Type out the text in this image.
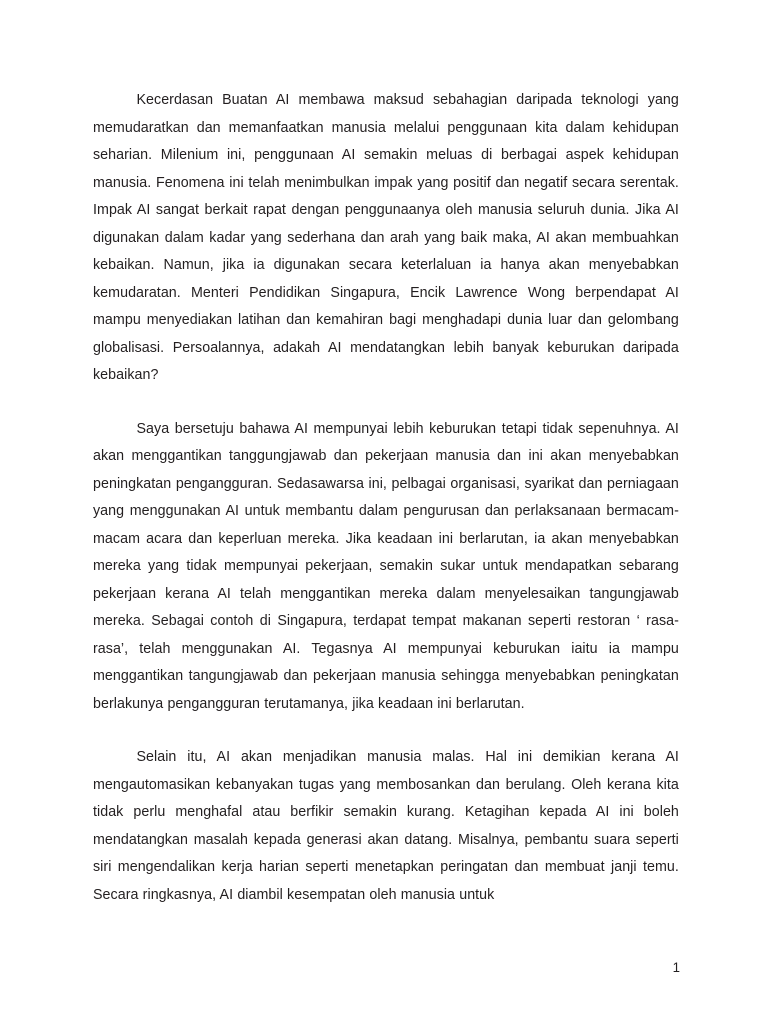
Kecerdasan Buatan AI membawa maksud sebahagian daripada teknologi yang memudaratkan dan memanfaatkan manusia melalui penggunaan kita dalam kehidupan seharian. Milenium ini, penggunaan AI semakin meluas di berbagai aspek kehidupan manusia. Fenomena ini telah menimbulkan impak yang positif dan negatif secara serentak. Impak AI sangat berkait rapat dengan penggunaanya oleh manusia seluruh dunia. Jika AI digunakan dalam kadar yang sederhana dan arah yang baik maka, AI akan membuahkan kebaikan. Namun, jika ia digunakan secara keterlaluan ia hanya akan menyebabkan kemudaratan. Menteri Pendidikan Singapura, Encik Lawrence Wong berpendapat AI mampu menyediakan latihan dan kemahiran bagi menghadapi dunia luar dan gelombang globalisasi. Persoalannya, adakah AI mendatangkan lebih banyak keburukan daripada kebaikan?

Saya bersetuju bahawa AI mempunyai lebih keburukan tetapi tidak sepenuhnya. AI akan menggantikan tanggungjawab dan pekerjaan manusia dan ini akan menyebabkan peningkatan pengangguran. Sedasawarsa ini, pelbagai organisasi, syarikat dan perniagaan yang menggunakan AI untuk membantu dalam pengurusan dan perlaksanaan bermacam-macam acara dan keperluan mereka. Jika keadaan ini berlarutan, ia akan menyebabkan mereka yang tidak mempunyai pekerjaan, semakin sukar untuk mendapatkan sebarang pekerjaan kerana AI telah menggantikan mereka dalam menyelesaikan tangungjawab mereka. Sebagai contoh di Singapura, terdapat tempat makanan seperti restoran ‘ rasa-rasa’, telah menggunakan AI. Tegasnya AI mempunyai keburukan iaitu ia mampu menggantikan tangungjawab dan pekerjaan manusia sehingga menyebabkan peningkatan berlakunya pengangguran terutamanya, jika keadaan ini berlarutan.

Selain itu, AI akan menjadikan manusia malas. Hal ini demikian kerana AI mengautomasikan kebanyakan tugas yang membosankan dan berulang. Oleh kerana kita tidak perlu menghafal atau berfikir semakin kurang. Ketagihan kepada AI ini boleh mendatangkan masalah kepada generasi akan datang. Misalnya, pembantu suara seperti siri mengendalikan kerja harian seperti menetapkan peringatan dan membuat janji temu. Secara ringkasnya, AI diambil kesempatan oleh manusia untuk

1
